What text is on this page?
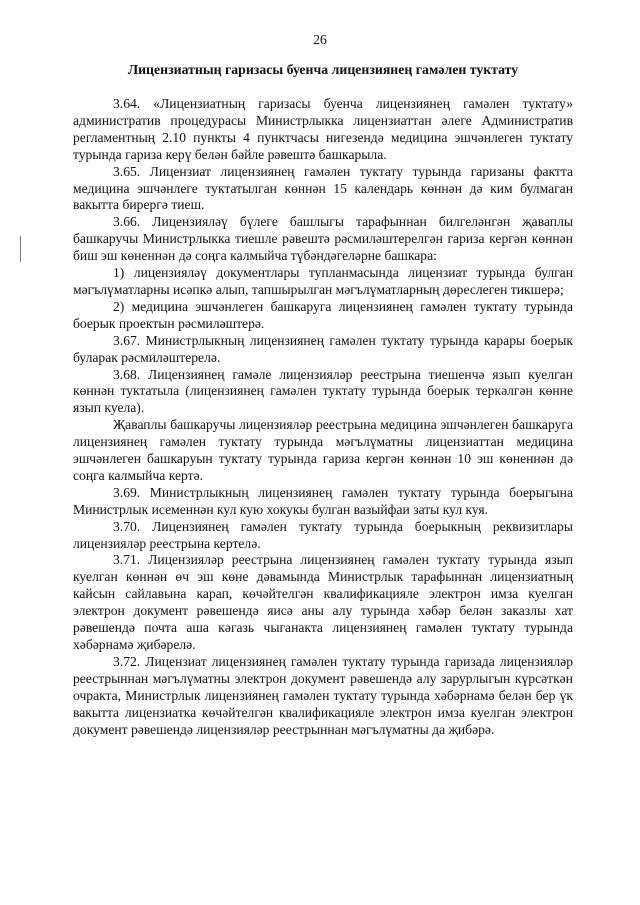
26
Лицензиатның гаризасы буенча лицензиянең гамәлен туктату

3.64. «Лицензиатның гаризасы буенча лицензиянең гамәлен туктату» административ процедурасы Министрлыкка лицензиаттан әлеге Административ регламентның 2.10 пункты 4 пунктчасы нигезендә медицина эшчәнлеген туктату турында гариза керү белән бәйле рәвештә башкарыла.

3.65. Лицензиат лицензиянең гамәлен туктату турында гаризаны фактта медицина эшчәнлеге туктатылган көннән 15 календарь көннән дә ким булмаган вакытта бирергә тиеш.

3.66. Лицензияләү бүлеге башлыгы тарафыннан билгеләнгән җаваплы башкаручы Министрлыкка тиешле рәвештә рәсмиләштерелгән гариза кергән көннән биш эш көненнән дә соңга калмыйча түбәндәгеләрне башкара:

1) лицензияләү документлары тупланмасында лицензиат турында булган мәгълүматларны исәпкә алып, тапшырылган мәгълүматларның дөреслеген тикшерә;

2) медицина эшчәнлеген башкаруга лицензиянең гамәлен туктату турында боерык проектын рәсмиләштерә.

3.67. Министрлыкның лицензиянең гамәлен туктату турында карары боерык буларак рәсмиләштерелә.

3.68. Лицензиянең гамәле лицензияләр реестрына тиешенчә язып куелган көннән туктатыла (лицензиянең гамәлен туктату турында боерык теркәлгән көнне язып куела).

Җаваплы башкаручы лицензияләр реестрына медицина эшчәнлеген башкаруга лицензиянең гамәлен туктату турында мәгълүматны лицензиаттан медицина эшчәнлеген башкаруын туктату турында гариза кергән көннән 10 эш көненнән дә соңга калмыйча кертә.

3.69. Министрлыкның лицензиянең гамәлен туктату турында боерыгына Министрлык исеменнән кул кую хокукы булган вазыйфаи заты кул куя.

3.70. Лицензиянең гамәлен туктату турында боерыкның реквизитлары лицензияләр реестрына кертелә.

3.71. Лицензияләр реестрына лицензиянең гамәлен туктату турында язып куелган көннән өч эш көне дәвамында Министрлык тарафыннан лицензиатның кайсын сайлавына карап, көчәйтелгән квалификацияле электрон имза куелган электрон документ рәвешендә яисә аны алу турында хәбәр белән заказлы хат рәвешендә почта аша кәгазь чыганакта лицензиянең гамәлен туктату турында хәбәрнамә җибәрелә.

3.72. Лицензиат лицензиянең гамәлен туктату турында гаризада лицензияләр реестрыннан мәгълүматны электрон документ рәвешендә алу зарурлыгын күрсәткән очракта, Министрлык лицензиянең гамәлен туктату турында хәбәрнамә белән бер үк вакытта лицензиатка көчәйтелгән квалификацияле электрон имза куелган электрон документ рәвешендә лицензияләр реестрыннан мәгълүматны да җибәрә.
